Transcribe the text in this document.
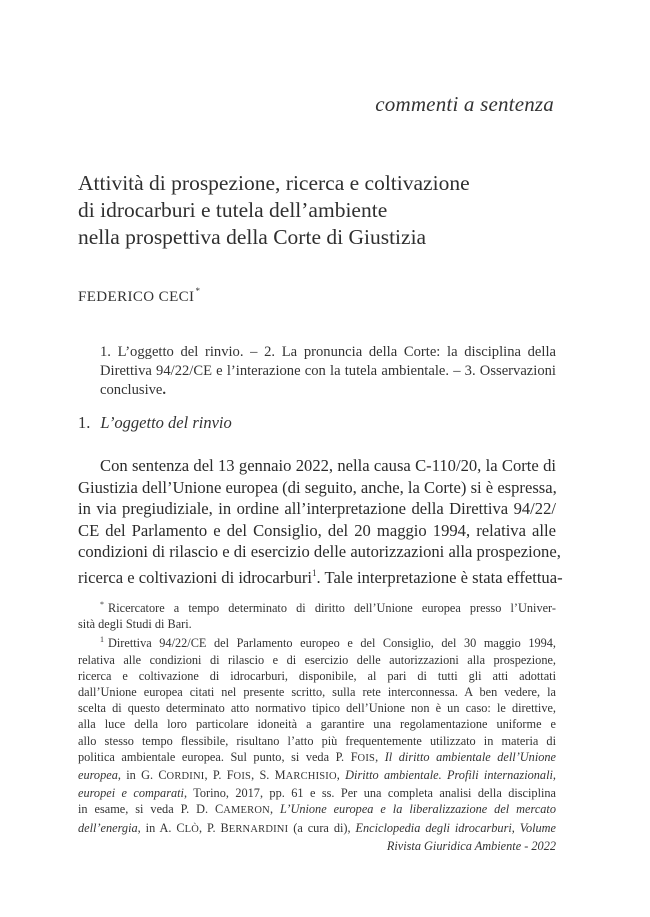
commenti a sentenza
Attività di prospezione, ricerca e coltivazione
di idrocarburi e tutela dell’ambiente
nella prospettiva della Corte di Giustizia
FEDERICO CECI*
1. L’oggetto del rinvio. – 2. La pronuncia della Corte: la disciplina della Direttiva 94/22/CE e l’interazione con la tutela ambientale. – 3. Osservazioni conclusive.
1. L’oggetto del rinvio
Con sentenza del 13 gennaio 2022, nella causa C-110/20, la Corte di
Giustizia dell’Unione europea (di seguito, anche, la Corte) si è espressa,
in via pregiudiziale, in ordine all’interpretazione della Direttiva 94/22/
CE del Parlamento e del Consiglio, del 20 maggio 1994, relativa alle
condizioni di rilascio e di esercizio delle autorizzazioni alla prospezione,
ricerca e coltivazioni di idrocarburi$^1$. Tale interpretazione è stata effettua-
* Ricercatore a tempo determinato di diritto dell’Unione europea presso l’Univer-
sità degli Studi di Bari.
$^1$ Direttiva 94/22/CE del Parlamento europeo e del Consiglio, del 30 maggio 1994,
relativa alle condizioni di rilascio e di esercizio delle autorizzazioni alla prospezione,
ricerca e coltivazione di idrocarburi, disponibile, al pari di tutti gli atti adottati
dall’Unione europea citati nel presente scritto, sulla rete interconnessa. A ben vedere, la
scelta di questo determinato atto normativo tipico dell’Unione non è un caso: le direttive,
alla luce della loro particolare idoneità a garantire una regolamentazione uniforme e
allo stesso tempo flessibile, risultano l’atto più frequentemente utilizzato in materia di
politica ambientale europea. Sul punto, si veda P. FOIS, Il diritto ambientale dell’Unione
europea, in G. CORDINI, P. FOIS, S. MARCHISIO, Diritto ambientale. Profili internazionali,
europei e comparati, Torino, 2017, pp. 61 e ss. Per una completa analisi della disciplina
in esame, si veda P. D. CAMERON, L’Unione europea e la liberalizzazione del mercato
dell’energia, in A. CLÒ, P. BERNARDINI (a cura di), Enciclopedia degli idrocarburi, Volume
Rivista Giuridica Ambiente - 2022
